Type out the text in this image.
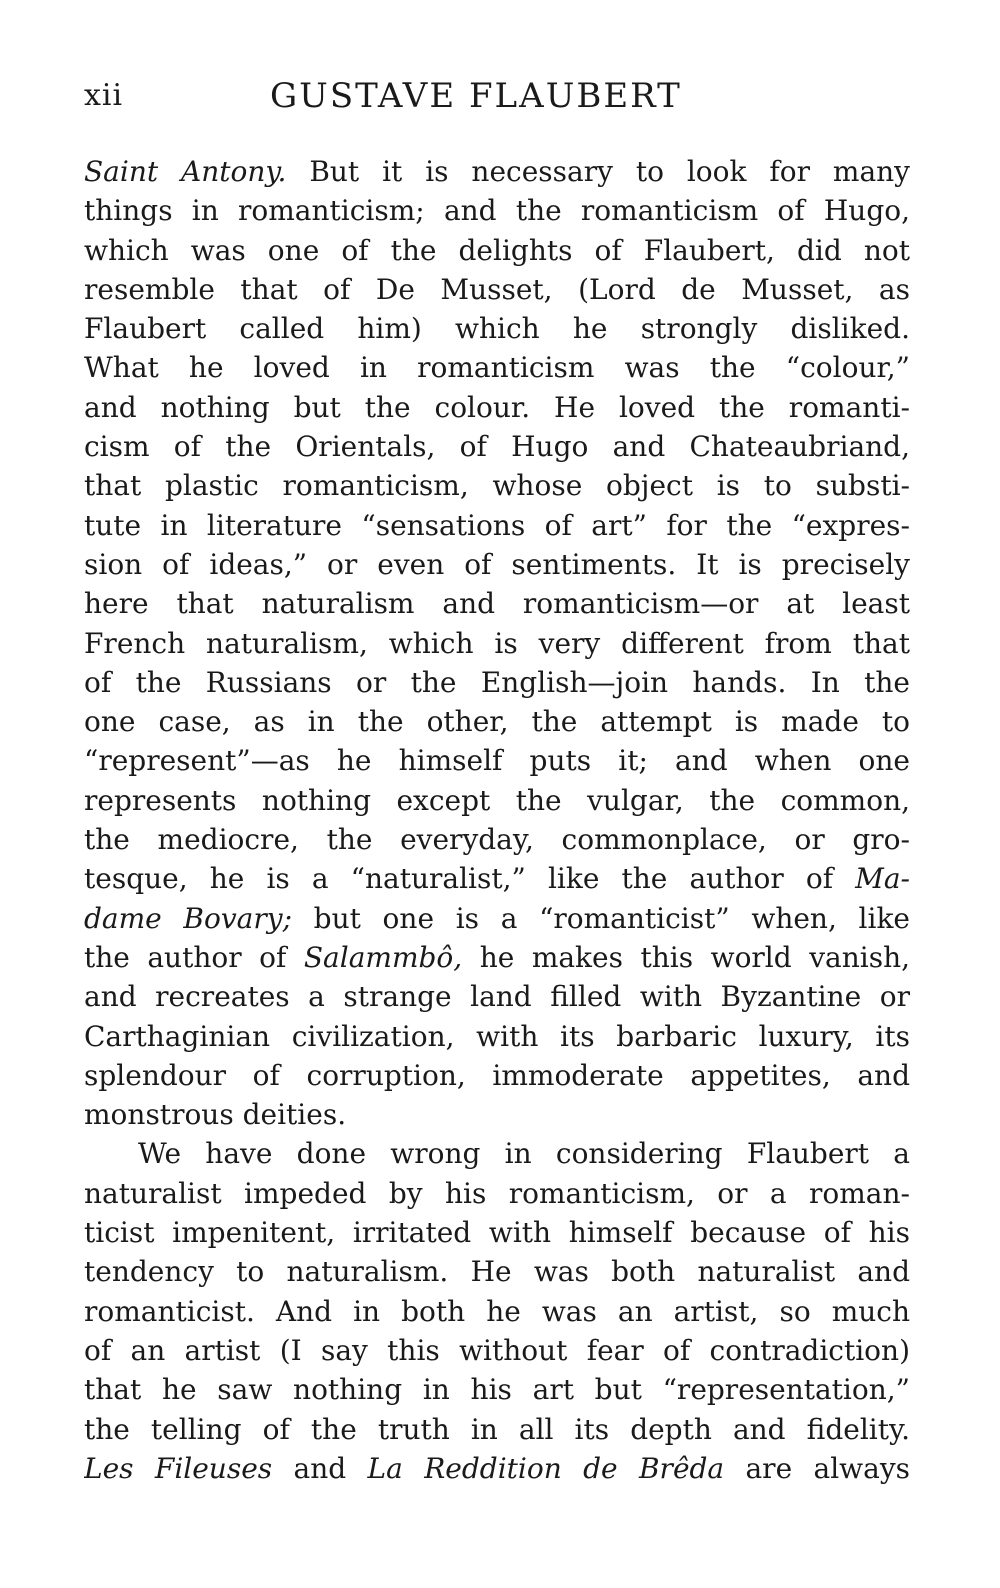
xii	GUSTAVE FLAUBERT
Saint Antony. But it is necessary to look for many
things in romanticism; and the romanticism of Hugo,
which was one of the delights of Flaubert, did not
resemble that of De Musset, (Lord de Musset, as
Flaubert called him) which he strongly disliked.
What he loved in romanticism was the “colour,”
and nothing but the colour. He loved the romanti-
cism of the Orientals, of Hugo and Chateaubriand,
that plastic romanticism, whose object is to substi-
tute in literature “sensations of art” for the “expres-
sion of ideas,” or even of sentiments. It is precisely
here that naturalism and romanticism—or at least
French naturalism, which is very different from that
of the Russians or the English—join hands. In the
one case, as in the other, the attempt is made to
“represent”—as he himself puts it; and when one
represents nothing except the vulgar, the common,
the mediocre, the everyday, commonplace, or gro-
tesque, he is a “naturalist,” like the author of Ma-
dame Bovary; but one is a “romanticist” when, like
the author of Salammbô, he makes this world vanish,
and recreates a strange land filled with Byzantine or
Carthaginian civilization, with its barbaric luxury, its
splendour of corruption, immoderate appetites, and
monstrous deities.
We have done wrong in considering Flaubert a
naturalist impeded by his romanticism, or a roman-
ticist impenitent, irritated with himself because of his
tendency to naturalism. He was both naturalist and
romanticist. And in both he was an artist, so much
of an artist (I say this without fear of contradiction)
that he saw nothing in his art but “representation,”
the telling of the truth in all its depth and fidelity.
Les Fileuses and La Reddition de Brêda are always
